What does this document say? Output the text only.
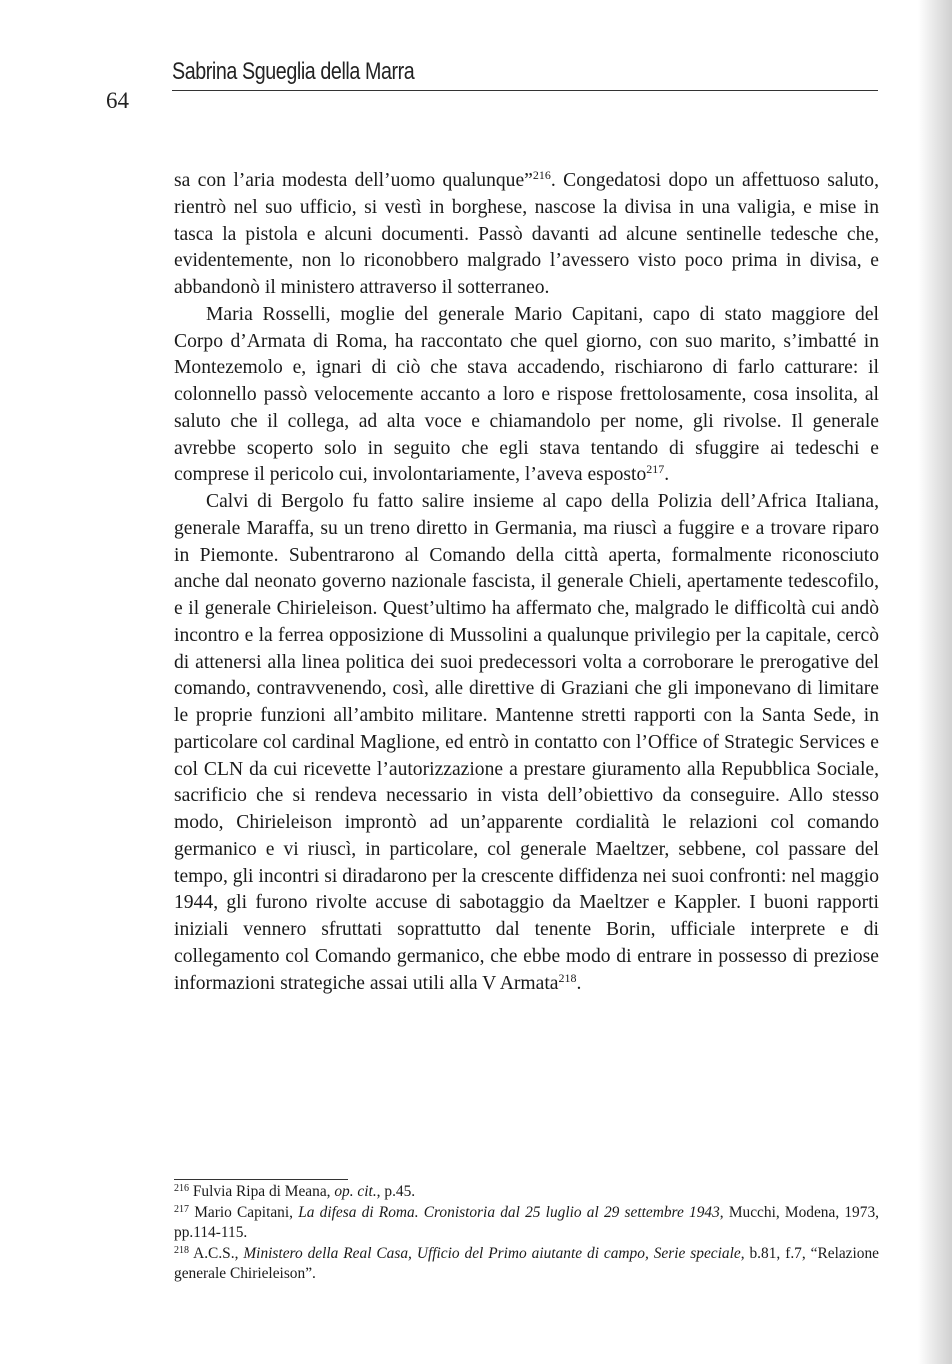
Sabrina Sgueglia della Marra
64

sa con l’aria modesta dell’uomo qualunque”$^{216}$. Congedatosi dopo un affettuoso saluto, rientrò nel suo ufficio, si vestì in borghese, nascose la divisa in una valigia, e mise in tasca la pistola e alcuni documenti. Passò davanti ad alcune sentinelle tedesche che, evidentemente, non lo riconobbero malgrado l’avessero visto poco prima in divisa, e abbandonò il ministero attraverso il sotterraneo.

Maria Rosselli, moglie del generale Mario Capitani, capo di stato maggiore del Corpo d’Armata di Roma, ha raccontato che quel giorno, con suo marito, s’imbatté in Montezemolo e, ignari di ciò che stava accadendo, rischiarono di farlo catturare: il colonnello passò velocemente accanto a loro e rispose frettolosamente, cosa insolita, al saluto che il collega, ad alta voce e chiamandolo per nome, gli rivolse. Il generale avrebbe scoperto solo in seguito che egli stava tentando di sfuggire ai tedeschi e comprese il pericolo cui, involontariamente, l’aveva esposto$^{217}$.

Calvi di Bergolo fu fatto salire insieme al capo della Polizia dell’Africa Italiana, generale Maraffa, su un treno diretto in Germania, ma riuscì a fuggire e a trovare riparo in Piemonte. Subentrarono al Comando della città aperta, formalmente riconosciuto anche dal neonato governo nazionale fascista, il generale Chieli, apertamente tedescofilo, e il generale Chirieleison. Quest’ultimo ha affermato che, malgrado le difficoltà cui andò incontro e la ferrea opposizione di Mussolini a qualunque privilegio per la capitale, cercò di attenersi alla linea politica dei suoi predecessori volta a corroborare le prerogative del comando, contravvenendo, così, alle direttive di Graziani che gli imponevano di limitare le proprie funzioni all’ambito militare. Mantenne stretti rapporti con la Santa Sede, in particolare col cardinal Maglione, ed entrò in contatto con l’Office of Strategic Services e col CLN da cui ricevette l’autorizzazione a prestare giuramento alla Repubblica Sociale, sacrificio che si rendeva necessario in vista dell’obiettivo da conseguire. Allo stesso modo, Chirieleison improntò ad un’apparente cordialità le relazioni col comando germanico e vi riuscì, in particolare, col generale Maeltzer, sebbene, col passare del tempo, gli incontri si diradarono per la crescente diffidenza nei suoi confronti: nel maggio 1944, gli furono rivolte accuse di sabotaggio da Maeltzer e Kappler. I buoni rapporti iniziali vennero sfruttati soprattutto dal tenente Borin, ufficiale interprete e di collegamento col Comando germanico, che ebbe modo di entrare in possesso di preziose informazioni strategiche assai utili alla V Armata$^{218}$.

$^{216}$ Fulvia Ripa di Meana, op. cit., p.45.

$^{217}$ Mario Capitani, La difesa di Roma. Cronistoria dal 25 luglio al 29 settembre 1943, Mucchi, Modena, 1973, pp.114-115.

$^{218}$ A.C.S., Ministero della Real Casa, Ufficio del Primo aiutante di campo, Serie speciale, b.81, f.7, “Relazione generale Chirieleison”.
